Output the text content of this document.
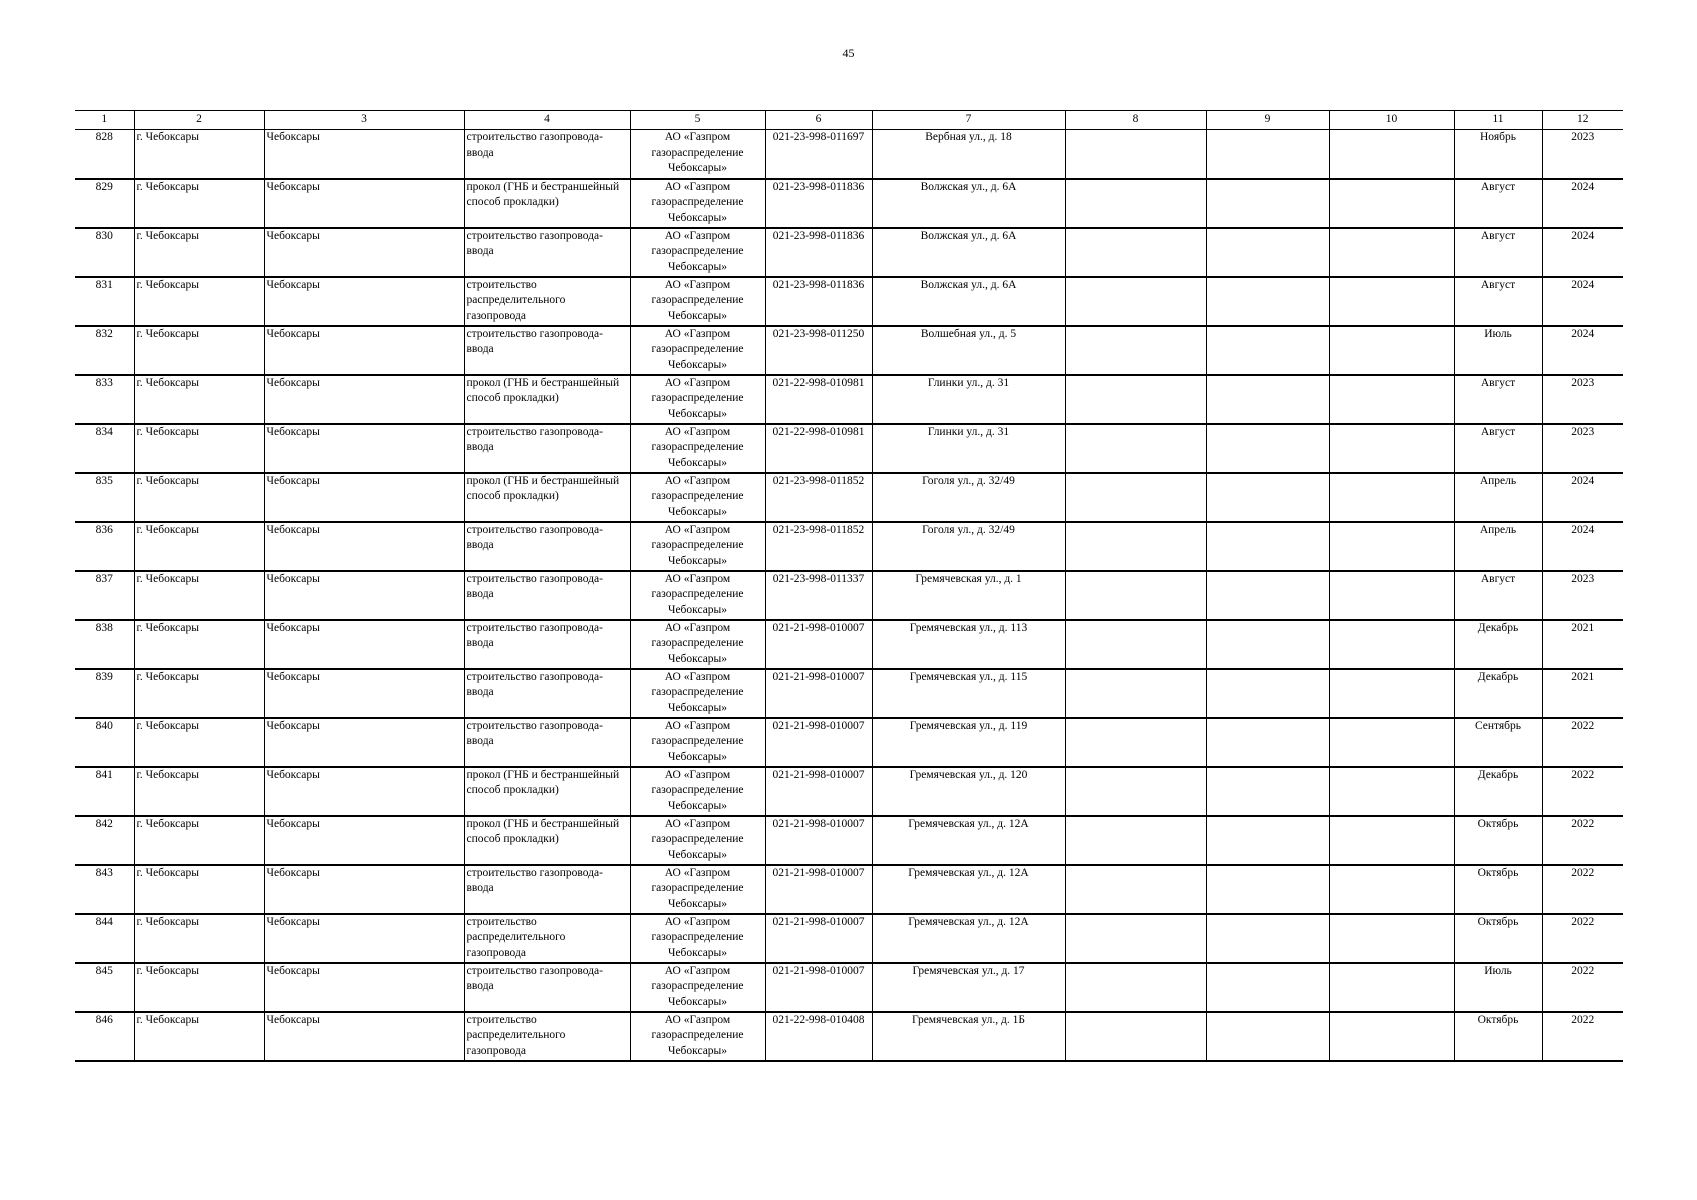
45
1	2	3	4	5	6	7	8	9	10	11	12
828	г. Чебоксары	Чебоксары	строительство газопровода-ввода	АО «Газпром газораспределение Чебоксары»	021-23-998-011697	Вербная ул., д. 18				Ноябрь	2023
829	г. Чебоксары	Чебоксары	прокол (ГНБ и бестраншейный способ прокладки)	АО «Газпром газораспределение Чебоксары»	021-23-998-011836	Волжская ул., д. 6А				Август	2024
830	г. Чебоксары	Чебоксары	строительство газопровода-ввода	АО «Газпром газораспределение Чебоксары»	021-23-998-011836	Волжская ул., д. 6А				Август	2024
831	г. Чебоксары	Чебоксары	строительство распределительного газопровода	АО «Газпром газораспределение Чебоксары»	021-23-998-011836	Волжская ул., д. 6А				Август	2024
832	г. Чебоксары	Чебоксары	строительство газопровода-ввода	АО «Газпром газораспределение Чебоксары»	021-23-998-011250	Волшебная ул., д. 5				Июль	2024
833	г. Чебоксары	Чебоксары	прокол (ГНБ и бестраншейный способ прокладки)	АО «Газпром газораспределение Чебоксары»	021-22-998-010981	Глинки ул., д. 31				Август	2023
834	г. Чебоксары	Чебоксары	строительство газопровода-ввода	АО «Газпром газораспределение Чебоксары»	021-22-998-010981	Глинки ул., д. 31				Август	2023
835	г. Чебоксары	Чебоксары	прокол (ГНБ и бестраншейный способ прокладки)	АО «Газпром газораспределение Чебоксары»	021-23-998-011852	Гоголя ул., д. 32/49				Апрель	2024
836	г. Чебоксары	Чебоксары	строительство газопровода-ввода	АО «Газпром газораспределение Чебоксары»	021-23-998-011852	Гоголя ул., д. 32/49				Апрель	2024
837	г. Чебоксары	Чебоксары	строительство газопровода-ввода	АО «Газпром газораспределение Чебоксары»	021-23-998-011337	Гремячевская ул., д. 1				Август	2023
838	г. Чебоксары	Чебоксары	строительство газопровода-ввода	АО «Газпром газораспределение Чебоксары»	021-21-998-010007	Гремячевская ул., д. 113				Декабрь	2021
839	г. Чебоксары	Чебоксары	строительство газопровода-ввода	АО «Газпром газораспределение Чебоксары»	021-21-998-010007	Гремячевская ул., д. 115				Декабрь	2021
840	г. Чебоксары	Чебоксары	строительство газопровода-ввода	АО «Газпром газораспределение Чебоксары»	021-21-998-010007	Гремячевская ул., д. 119				Сентябрь	2022
841	г. Чебоксары	Чебоксары	прокол (ГНБ и бестраншейный способ прокладки)	АО «Газпром газораспределение Чебоксары»	021-21-998-010007	Гремячевская ул., д. 120				Декабрь	2022
842	г. Чебоксары	Чебоксары	прокол (ГНБ и бестраншейный способ прокладки)	АО «Газпром газораспределение Чебоксары»	021-21-998-010007	Гремячевская ул., д. 12А				Октябрь	2022
843	г. Чебоксары	Чебоксары	строительство газопровода-ввода	АО «Газпром газораспределение Чебоксары»	021-21-998-010007	Гремячевская ул., д. 12А				Октябрь	2022
844	г. Чебоксары	Чебоксары	строительство распределительного газопровода	АО «Газпром газораспределение Чебоксары»	021-21-998-010007	Гремячевская ул., д. 12А				Октябрь	2022
845	г. Чебоксары	Чебоксары	строительство газопровода-ввода	АО «Газпром газораспределение Чебоксары»	021-21-998-010007	Гремячевская ул., д. 17				Июль	2022
846	г. Чебоксары	Чебоксары	строительство распределительного газопровода	АО «Газпром газораспределение Чебоксары»	021-22-998-010408	Гремячевская ул., д. 1Б				Октябрь	2022
